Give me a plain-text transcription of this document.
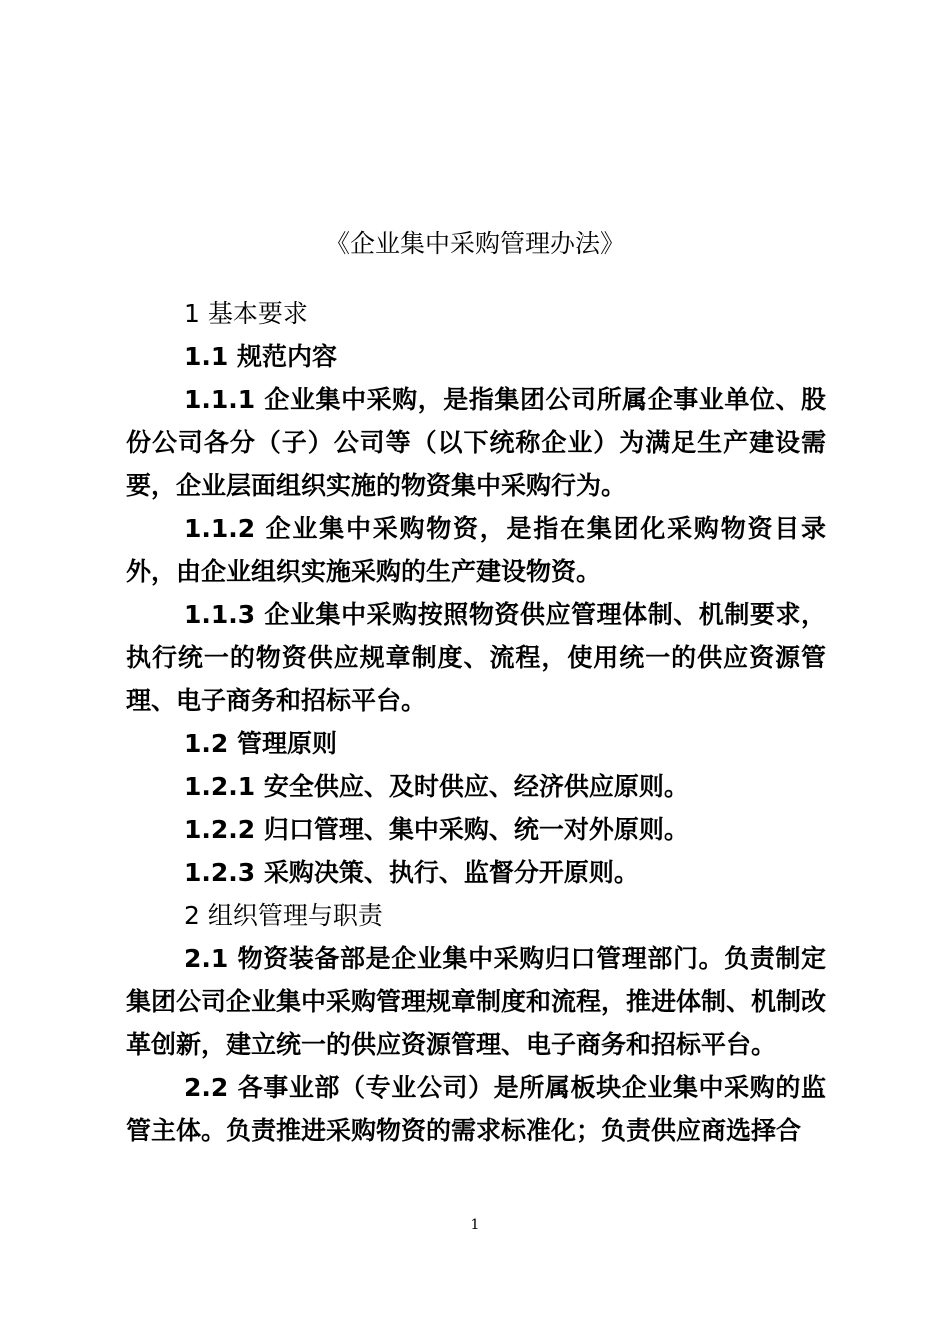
《企业集中采购管理办法》

1 基本要求

1.1 规范内容

1.1.1 企业集中采购，是指集团公司所属企事业单位、股份公司各分（子）公司等（以下统称企业）为满足生产建设需要，企业层面组织实施的物资集中采购行为。

1.1.2 企业集中采购物资，是指在集团化采购物资目录外，由企业组织实施采购的生产建设物资。

1.1.3 企业集中采购按照物资供应管理体制、机制要求，执行统一的物资供应规章制度、流程，使用统一的供应资源管理、电子商务和招标平台。

1.2 管理原则

1.2.1 安全供应、及时供应、经济供应原则。

1.2.2 归口管理、集中采购、统一对外原则。

1.2.3 采购决策、执行、监督分开原则。

2 组织管理与职责

2.1 物资装备部是企业集中采购归口管理部门。负责制定集团公司企业集中采购管理规章制度和流程，推进体制、机制改革创新，建立统一的供应资源管理、电子商务和招标平台。

2.2 各事业部（专业公司）是所属板块企业集中采购的监管主体。负责推进采购物资的需求标准化；负责供应商选择合

1
